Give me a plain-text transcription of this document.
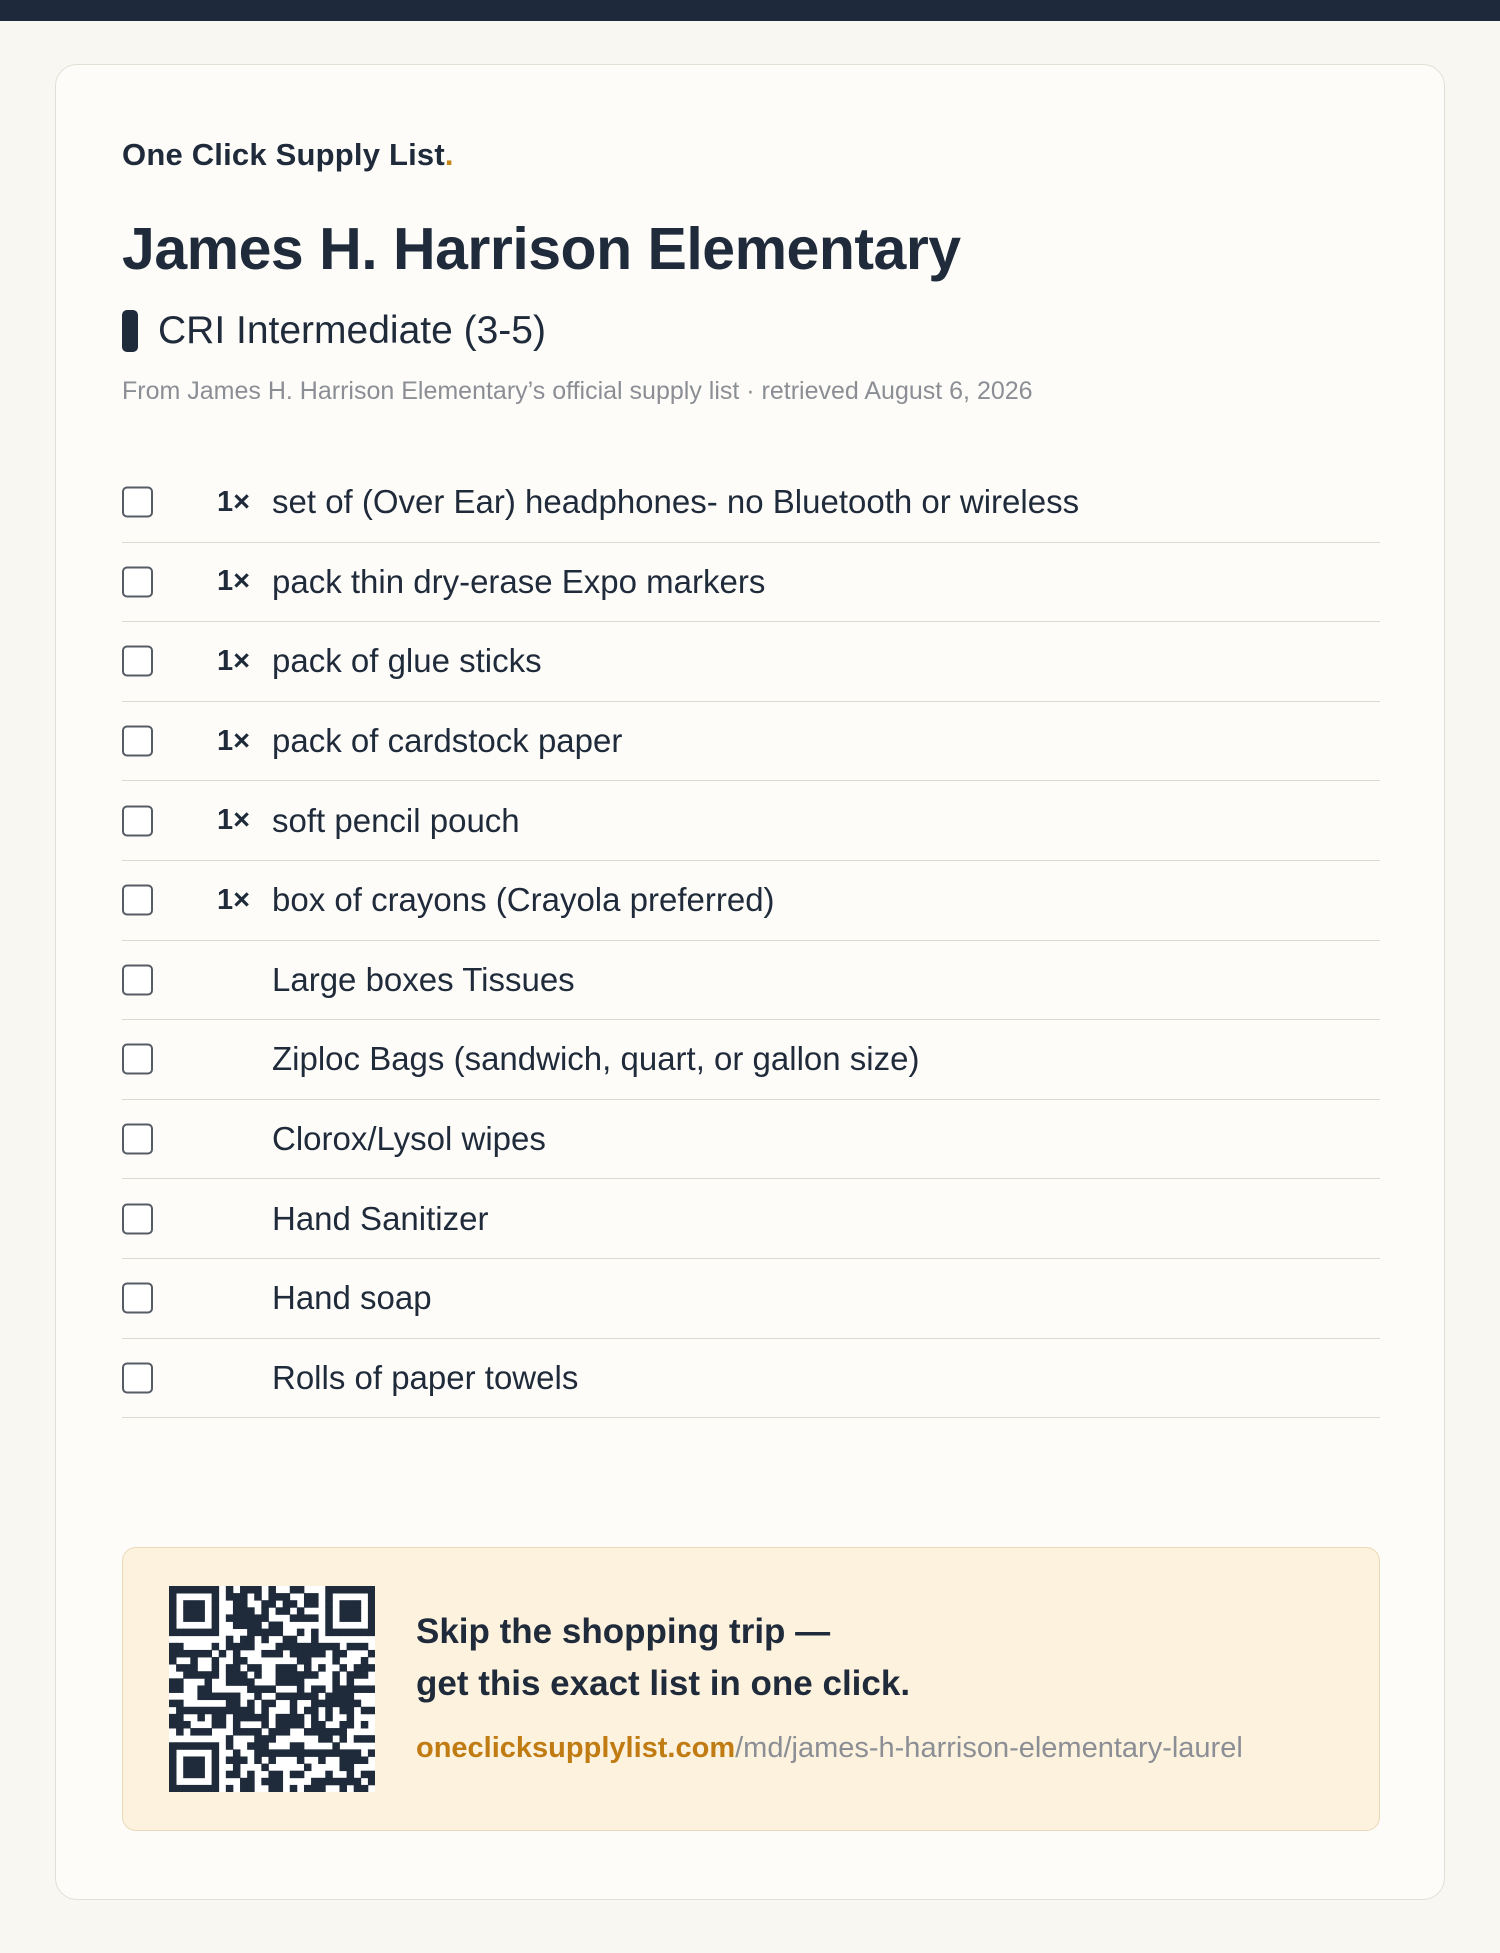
One Click Supply List.
James H. Harrison Elementary
CRI Intermediate (3-5)
From James H. Harrison Elementary’s official supply list · retrieved August 6, 2026
1× set of (Over Ear) headphones- no Bluetooth or wireless
1× pack thin dry-erase Expo markers
1× pack of glue sticks
1× pack of cardstock paper
1× soft pencil pouch
1× box of crayons (Crayola preferred)
Large boxes Tissues
Ziploc Bags (sandwich, quart, or gallon size)
Clorox/Lysol wipes
Hand Sanitizer
Hand soap
Rolls of paper towels
Skip the shopping trip —
get this exact list in one click.
oneclicksupplylist.com/md/james-h-harrison-elementary-laurel
